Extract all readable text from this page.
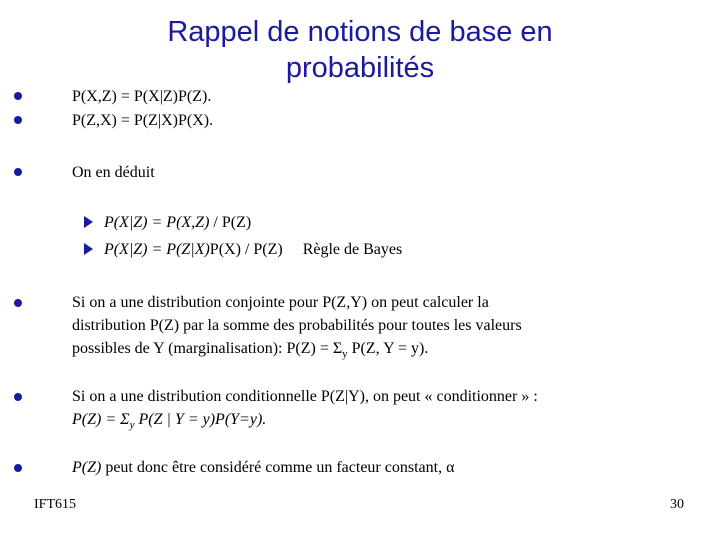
Rappel de notions de base en
probabilités
P(X,Z) = P(X|Z)P(Z).
P(Z,X) = P(Z|X)P(X).
On en déduit
P(X|Z) = P(X,Z) / P(Z)
P(X|Z) = P(Z|X)P(X) / P(Z) Règle de Bayes
Si on a une distribution conjointe pour P(Z,Y) on peut calculer la
distribution P(Z) par la somme des probabilités pour toutes les valeurs
possibles de Y (marginalisation): $P(Z) = \Sigma_y$ P(Z, Y = y).
Si on a une distribution conditionnelle P(Z|Y), on peut « conditionner » :
$P(Z) = \Sigma_y$ P(Z | Y = y)P(Y=y).
P(Z) peut donc être considéré comme un facteur constant, α
IFT615	30
